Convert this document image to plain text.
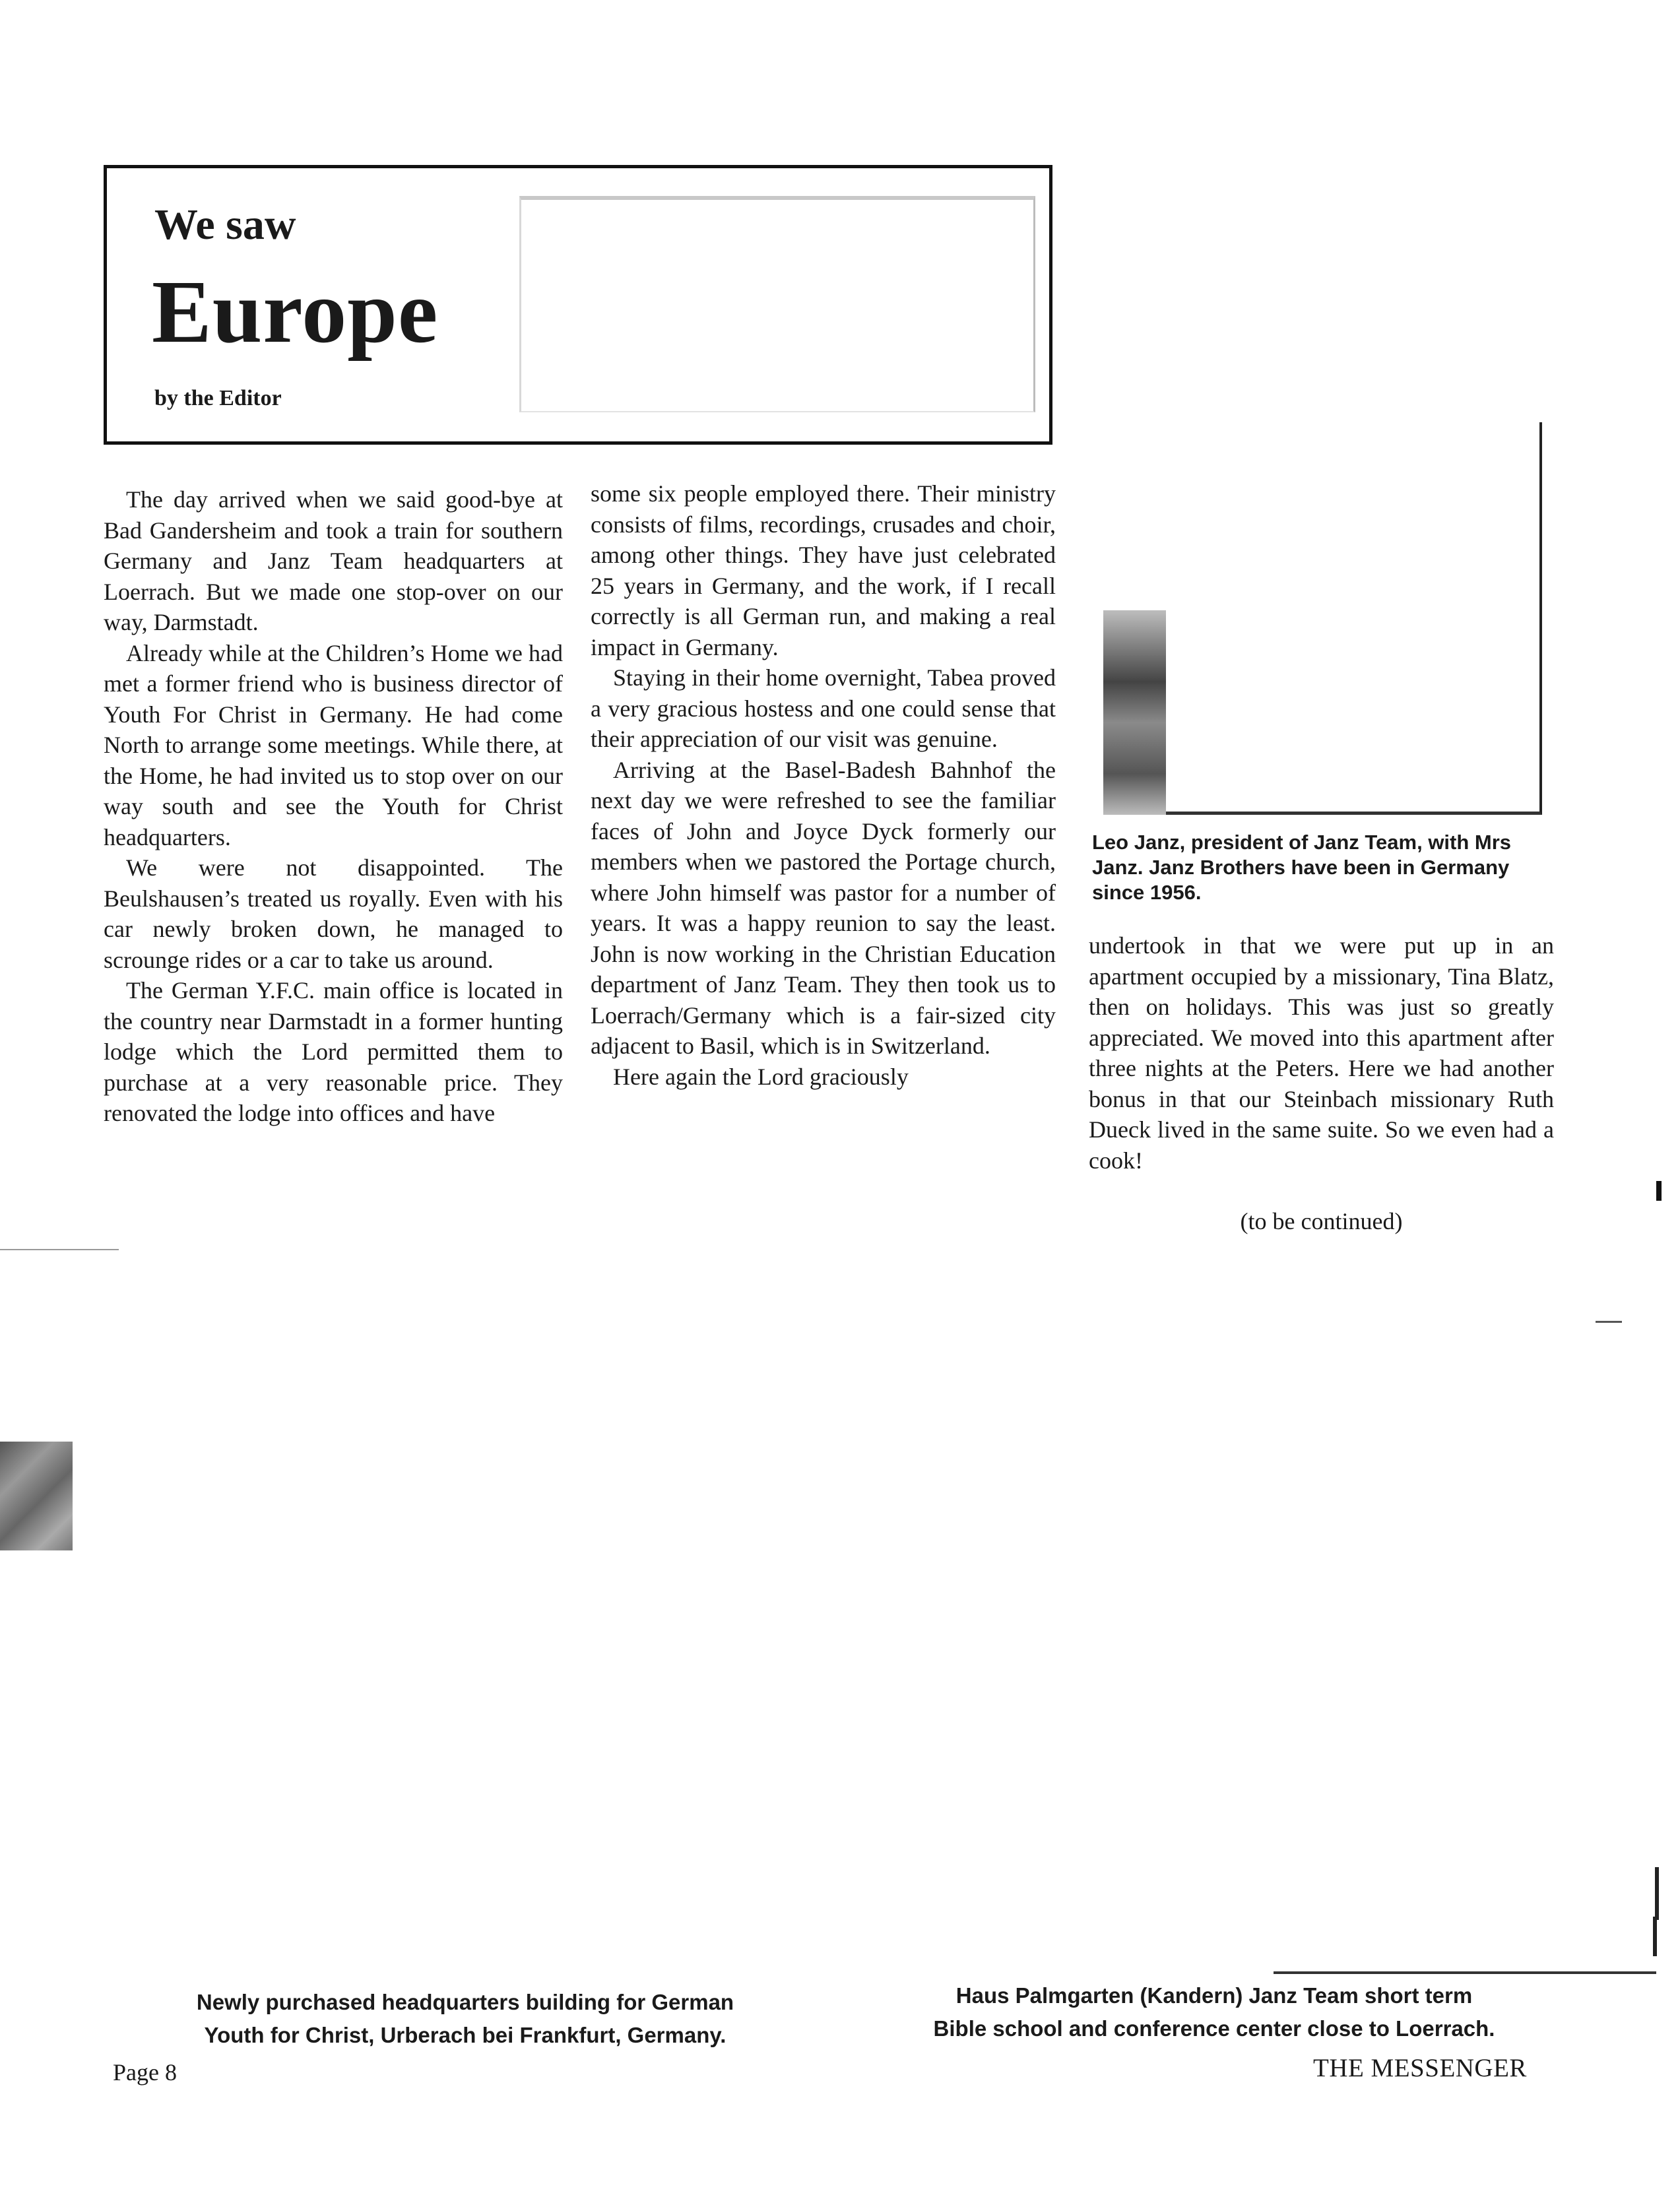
We saw
Europe
by the Editor

The day arrived when we said good-bye at Bad Gandersheim and took a train for southern Germany and Janz Team headquarters at Loerrach. But we made one stop-over on our way, Darmstadt.

Already while at the Children’s Home we had met a former friend who is business director of Youth For Christ in Germany. He had come North to arrange some meetings. While there, at the Home, he had invited us to stop over on our way south and see the Youth for Christ headquarters.

We were not disappointed. The Beulshausen’s treated us royally. Even with his car newly broken down, he managed to scrounge rides or a car to take us around.

The German Y.F.C. main office is located in the country near Darmstadt in a former hunting lodge which the Lord permitted them to purchase at a very reasonable price. They renovated the lodge into offices and have

some six people employed there. Their ministry consists of films, recordings, crusades and choir, among other things. They have just celebrated 25 years in Germany, and the work, if I recall correctly is all German run, and making a real impact in Germany.

Staying in their home overnight, Tabea proved a very gracious hostess and one could sense that their appreciation of our visit was genuine.

Arriving at the Basel-Badesh Bahnhof the next day we were refreshed to see the familiar faces of John and Joyce Dyck formerly our members when we pastored the Portage church, where John himself was pastor for a number of years. It was a happy reunion to say the least. John is now working in the Christian Education department of Janz Team. They then took us to Loerrach/Germany which is a fair-sized city adjacent to Basil, which is in Switzerland.

Here again the Lord graciously

Leo Janz, president of Janz Team, with Mrs Janz. Janz Brothers have been in Germany since 1956.

undertook in that we were put up in an apartment occupied by a missionary, Tina Blatz, then on holidays. This was just so greatly appreciated. We moved into this apartment after three nights at the Peters. Here we had another bonus in that our Steinbach missionary Ruth Dueck lived in the same suite. So we even had a cook!

(to be continued)
Newly purchased headquarters building for German
Youth for Christ, Urberach bei Frankfurt, Germany.
Haus Palmgarten (Kandern) Janz Team short term
Bible school and conference center close to Loerrach.
Page 8	THE MESSENGER
